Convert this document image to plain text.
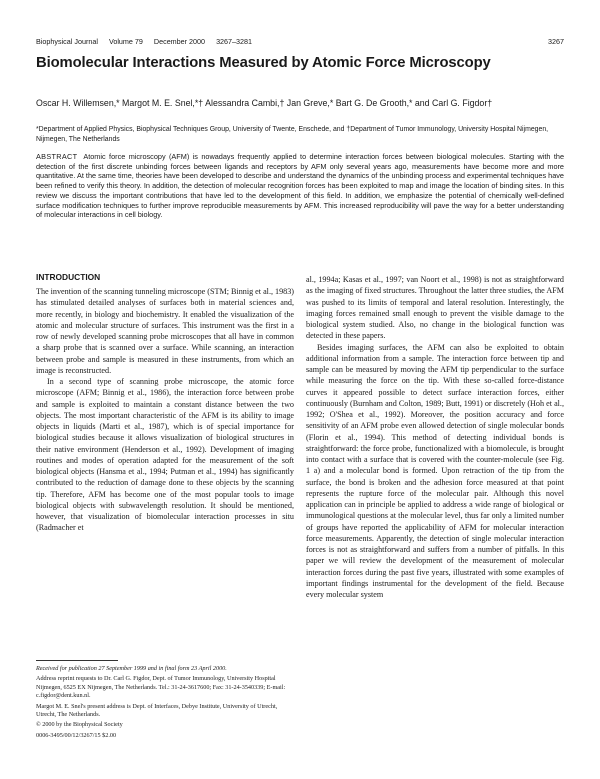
Biophysical Journal Volume 79 December 2000 3267–3281	3267
Biomolecular Interactions Measured by Atomic Force Microscopy
Oscar H. Willemsen,* Margot M. E. Snel,*† Alessandra Cambi,† Jan Greve,* Bart G. De Grooth,* and Carl G. Figdor†
*Department of Applied Physics, Biophysical Techniques Group, University of Twente, Enschede, and †Department of Tumor Immunology, University Hospital Nijmegen, Nijmegen, The Netherlands
ABSTRACT Atomic force microscopy (AFM) is nowadays frequently applied to determine interaction forces between biological molecules. Starting with the detection of the first discrete unbinding forces between ligands and receptors by AFM only several years ago, measurements have become more and more quantitative. At the same time, theories have been developed to describe and understand the dynamics of the unbinding process and experimental techniques have been refined to verify this theory. In addition, the detection of molecular recognition forces has been exploited to map and image the location of binding sites. In this review we discuss the important contributions that have led to the development of this field. In addition, we emphasize the potential of chemically well-defined surface modification techniques to further improve reproducible measurements by AFM. This increased reproducibility will pave the way for a better understanding of molecular interactions in cell biology.
INTRODUCTION

The invention of the scanning tunneling microscope (STM; Binnig et al., 1983) has stimulated detailed analyses of surfaces both in material sciences and, more recently, in biology and biochemistry. It enabled the visualization of the atomic and molecular structure of surfaces. This instrument was the first in a row of newly developed scanning probe microscopes that all have in common a sharp probe that is scanned over a surface. While scanning, an interaction between probe and sample is measured in these instruments, from which an image is reconstructed.

In a second type of scanning probe microscope, the atomic force microscope (AFM; Binnig et al., 1986), the interaction force between probe and sample is exploited to maintain a constant distance between the two objects. The most important characteristic of the AFM is its ability to image objects in liquids (Marti et al., 1987), which is of special importance for biological studies because it allows visualization of biological structures in their native environment (Henderson et al., 1992). Development of imaging routines and modes of operation adapted for the measurement of the soft biological objects (Hansma et al., 1994; Putman et al., 1994) has significantly contributed to the reduction of damage done to these objects by the scanning tip. Therefore, AFM has become one of the most popular tools to image biological objects with subwavelength resolution. It should be mentioned, however, that visualization of biomolecular interaction processes in situ (Radmacher et

al., 1994a; Kasas et al., 1997; van Noort et al., 1998) is not as straightforward as the imaging of fixed structures. Throughout the latter three studies, the AFM was pushed to its limits of temporal and lateral resolution. Interestingly, the imaging forces remained small enough to prevent the visible damage to the biological system studied. Also, no change in the biological function was detected in these papers.

Besides imaging surfaces, the AFM can also be exploited to obtain additional information from a sample. The interaction force between tip and sample can be measured by moving the AFM tip perpendicular to the surface while measuring the force on the tip. With these so-called force-distance curves it appeared possible to detect surface interaction forces, either continuously (Burnham and Colton, 1989; Butt, 1991) or discretely (Hoh et al., 1992; O'Shea et al., 1992). Moreover, the position accuracy and force sensitivity of an AFM probe even allowed detection of single molecular bonds (Florin et al., 1994). This method of detecting individual bonds is straightforward: the force probe, functionalized with a biomolecule, is brought into contact with a surface that is covered with the counter-molecule (see Fig. 1 a) and a molecular bond is formed. Upon retraction of the tip from the surface, the bond is broken and the adhesion force measured at that point represents the rupture force of the molecular pair. Although this novel application can in principle be applied to address a wide range of biological or immunological questions at the molecular level, thus far only a limited number of groups have reported the applicability of AFM for molecular interaction force measurements. Apparently, the detection of single molecular interaction forces is not as straightforward and suffers from a number of pitfalls. In this paper we will review the development of the measurement of molecular interaction forces during the past five years, illustrated with some examples of important findings instrumental for the development of the field. Because every molecular system

Received for publication 27 September 1999 and in final form 23 April 2000.

Address reprint requests to Dr. Carl G. Figdor, Dept. of Tumor Immunology, University Hospital Nijmegen, 6525 EX Nijmegen, The Netherlands. Tel.: 31-24-3617600; Fax: 31-24-3540339; E-mail: c.figdor@dent.kun.nl.

Margot M. E. Snel's present address is Dept. of Interfaces, Debye Institute, University of Utrecht, Utrecht, The Netherlands.

© 2000 by the Biophysical Society

0006-3495/00/12/3267/15 $2.00
